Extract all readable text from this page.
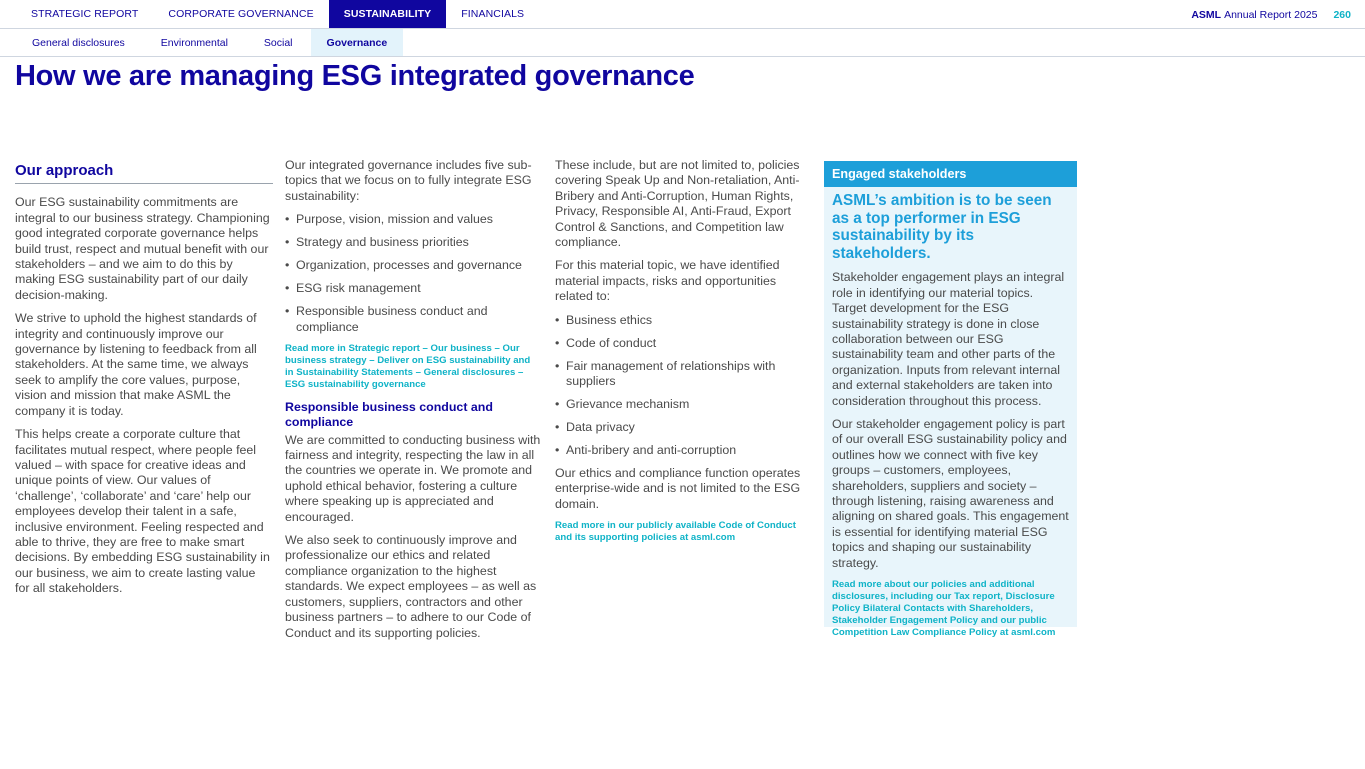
STRATEGIC REPORT	CORPORATE GOVERNANCE	SUSTAINABILITY	FINANCIALS	ASML Annual Report 2025 260
General disclosures	Environmental	Social	Governance
How we are managing ESG integrated governance
Our approach

Our ESG sustainability commitments are integral to our business strategy. Championing good integrated corporate governance helps build trust, respect and mutual benefit with our stakeholders – and we aim to do this by making ESG sustainability part of our daily decision-making.

We strive to uphold the highest standards of integrity and continuously improve our governance by listening to feedback from all stakeholders. At the same time, we always seek to amplify the core values, purpose, vision and mission that make ASML the company it is today.

This helps create a corporate culture that facilitates mutual respect, where people feel valued – with space for creative ideas and unique points of view. Our values of ‘challenge’, ‘collaborate’ and ‘care’ help our employees develop their talent in a safe, inclusive environment. Feeling respected and able to thrive, they are free to make smart decisions. By embedding ESG sustainability in our business, we aim to create lasting value for all stakeholders.

Our integrated governance includes five sub-topics that we focus on to fully integrate ESG sustainability:

• Purpose, vision, mission and values
• Strategy and business priorities
• Organization, processes and governance
• ESG risk management
• Responsible business conduct and compliance
Read more in Strategic report – Our business – Our business strategy – Deliver on ESG sustainability and in Sustainability Statements – General disclosures – ESG sustainability governance
Responsible business conduct and compliance

We are committed to conducting business with fairness and integrity, respecting the law in all the countries we operate in. We promote and uphold ethical behavior, fostering a culture where speaking up is appreciated and encouraged.

We also seek to continuously improve and professionalize our ethics and related compliance organization to the highest standards. We expect employees – as well as customers, suppliers, contractors and other business partners – to adhere to our Code of Conduct and its supporting policies.

These include, but are not limited to, policies covering Speak Up and Non-retaliation, Anti-Bribery and Anti-Corruption, Human Rights, Privacy, Responsible AI, Anti-Fraud, Export Control & Sanctions, and Competition law compliance.

For this material topic, we have identified material impacts, risks and opportunities related to:

• Business ethics
• Code of conduct
• Fair management of relationships with suppliers
• Grievance mechanism
• Data privacy
• Anti-bribery and anti-corruption

Our ethics and compliance function operates enterprise-wide and is not limited to the ESG domain.

Read more in our publicly available Code of Conduct and its supporting policies at asml.com
Engaged stakeholders
ASML’s ambition is to be seen as a top performer in ESG sustainability by its stakeholders.

Stakeholder engagement plays an integral role in identifying our material topics. Target development for the ESG sustainability strategy is done in close collaboration between our ESG sustainability team and other parts of the organization. Inputs from relevant internal and external stakeholders are taken into consideration throughout this process.

Our stakeholder engagement policy is part of our overall ESG sustainability policy and outlines how we connect with five key groups – customers, employees, shareholders, suppliers and society – through listening, raising awareness and aligning on shared goals. This engagement is essential for identifying material ESG topics and shaping our sustainability strategy.

Read more about our policies and additional disclosures, including our Tax report, Disclosure Policy Bilateral Contacts with Shareholders, Stakeholder Engagement Policy and our public Competition Law Compliance Policy at asml.com
